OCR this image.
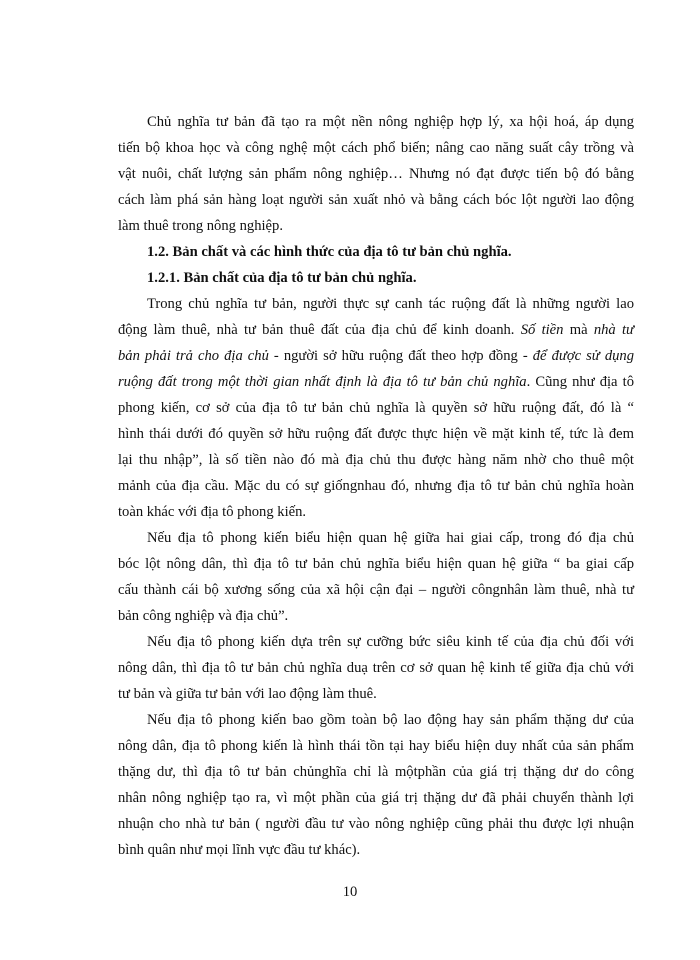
Chủ nghĩa tư bản đã tạo ra một nền nông nghiệp hợp lý, xa hội hoá, áp dụng
tiến bộ khoa học và công nghệ một cách phổ biến; nâng cao năng suất cây trồng và
vật nuôi, chất lượng sản phẩm nông nghiệp… Nhưng nó đạt được tiến bộ đó bằng
cách làm phá sản hàng loạt người sản xuất nhỏ và bằng cách bóc lột người lao động
làm thuê trong nông nghiệp.
1.2. Bản chất và các hình thức của địa tô tư bản chủ nghĩa.
1.2.1. Bản chất của địa tô tư bản chủ nghĩa.
Trong chủ nghĩa tư bản, người thực sự canh tác ruộng đất là những người lao
động làm thuê, nhà tư bản thuê đất của địa chủ để kinh doanh. Số tiền mà nhà tư
bản phải trả cho địa chủ - người sở hữu ruộng đất theo hợp đồng - để được sử dụng
ruộng đất trong một thời gian nhất định là địa tô tư bản chủ nghĩa. Cũng như địa tô
phong kiến, cơ sở của địa tô tư bản chủ nghĩa là quyền sở hữu ruộng đất, đó là “
hình thái dưới đó quyền sở hữu ruộng đất được thực hiện về mặt kinh tế, tức là đem
lại thu nhập”, là số tiền nào đó mà địa chủ thu được hàng năm nhờ cho thuê một
mảnh của địa cầu. Mặc du có sự giốngnhau đó, nhưng địa tô tư bản chủ nghĩa hoàn
toàn khác với địa tô phong kiến.
Nếu địa tô phong kiến biểu hiện quan hệ giữa hai giai cấp, trong đó địa chủ
bóc lột nông dân, thì địa tô tư bản chủ nghĩa biểu hiện quan hệ giữa “ ba giai cấp
cấu thành cái bộ xương sống của xã hội cận đại – người côngnhân làm thuê, nhà tư
bản công nghiệp và địa chủ”.
Nếu địa tô phong kiến dựa trên sự cưỡng bức siêu kinh tế của địa chủ đối với
nông dân, thì địa tô tư bản chủ nghĩa duạ trên cơ sở quan hệ kinh tế giữa địa chủ với
tư bản và giữa tư bản với lao động làm thuê.
Nếu địa tô phong kiến bao gồm toàn bộ lao động hay sản phẩm thặng dư của
nông dân, địa tô phong kiến là hình thái tồn tại hay biểu hiện duy nhất của sản phẩm
thặng dư, thì địa tô tư bản chủnghĩa chỉ là mộtphần của giá trị thặng dư do công
nhân nông nghiệp tạo ra, vì một phần của giá trị thặng dư đã phải chuyển thành lợi
nhuận cho nhà tư bản ( người đầu tư vào nông nghiệp cũng phải thu được lợi nhuận
bình quân như mọi lĩnh vực đầu tư khác).
10
